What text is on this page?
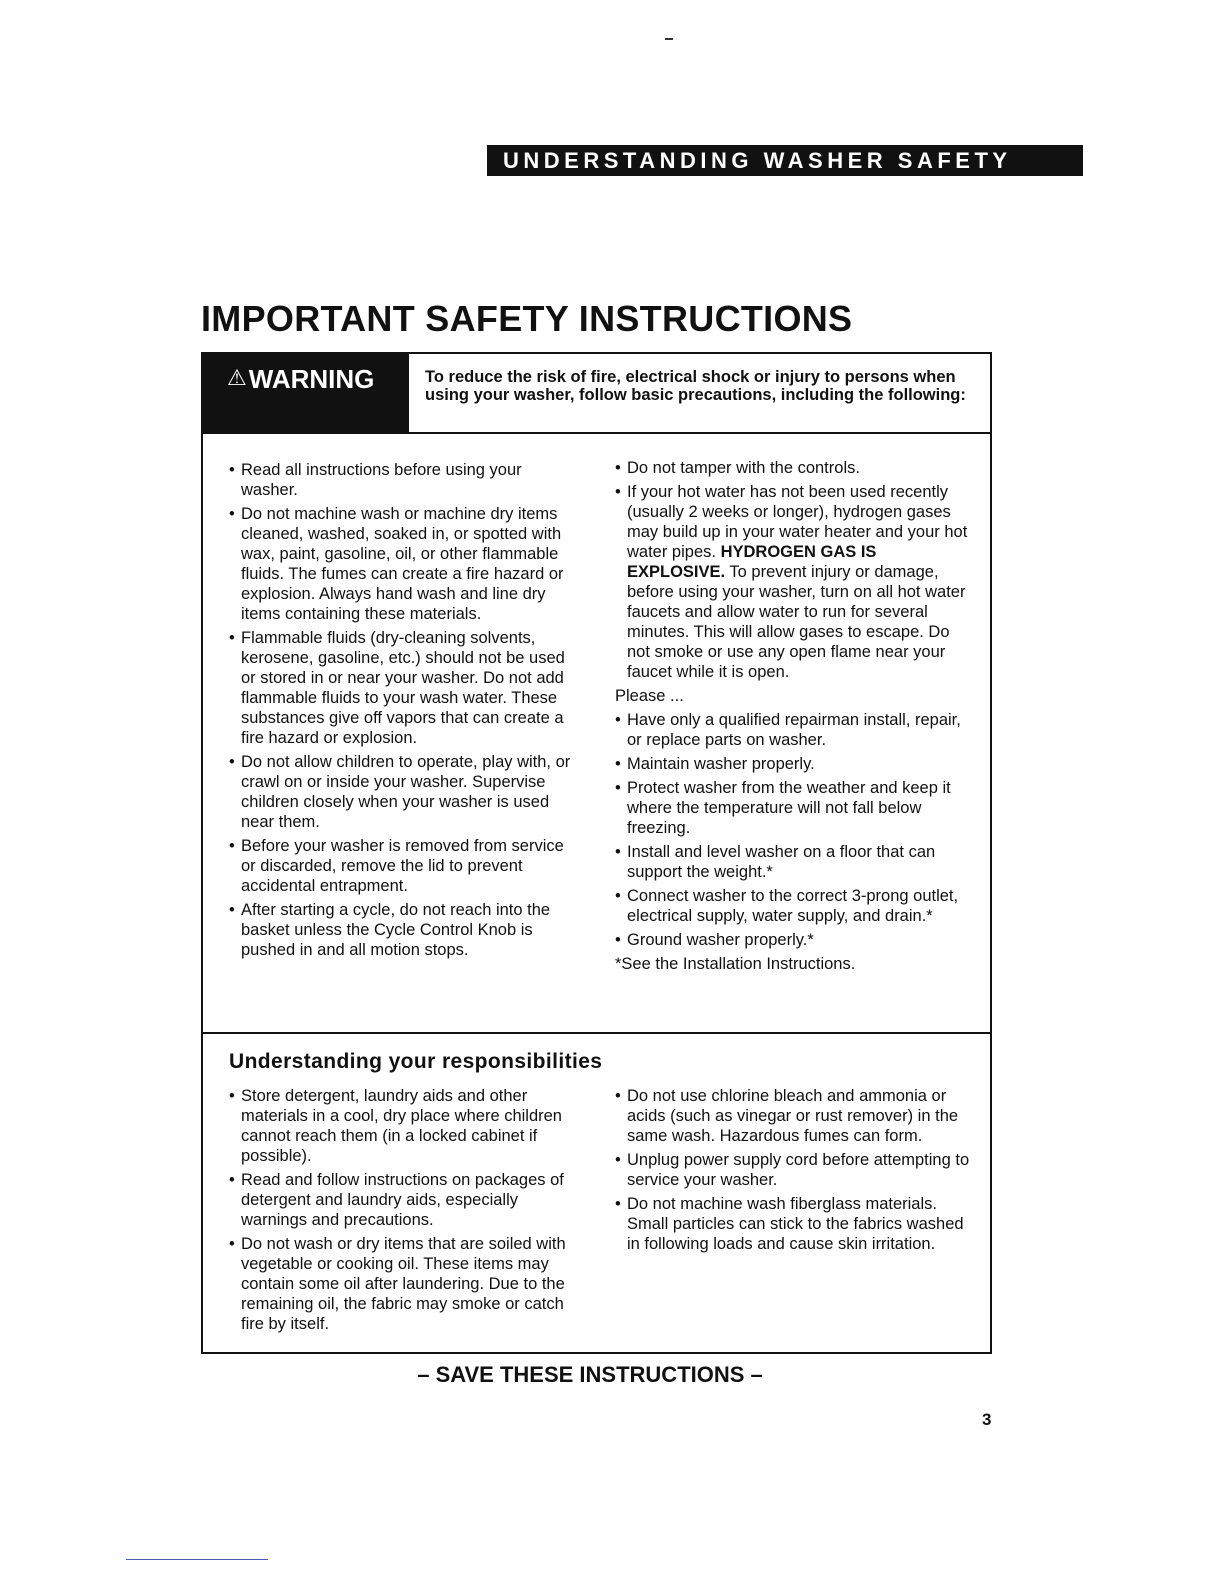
UNDERSTANDING WASHER SAFETY
IMPORTANT SAFETY INSTRUCTIONS
⚠ WARNING	To reduce the risk of fire, electrical shock or injury to persons when using your washer, follow basic precautions, including the following:
• Read all instructions before using your washer.
• Do not machine wash or machine dry items cleaned, washed, soaked in, or spotted with wax, paint, gasoline, oil, or other flammable fluids. The fumes can create a fire hazard or explosion. Always hand wash and line dry items containing these materials.
• Flammable fluids (dry-cleaning solvents, kerosene, gasoline, etc.) should not be used or stored in or near your washer. Do not add flammable fluids to your wash water. These substances give off vapors that can create a fire hazard or explosion.
• Do not allow children to operate, play with, or crawl on or inside your washer. Supervise children closely when your washer is used near them.
• Before your washer is removed from service or discarded, remove the lid to prevent accidental entrapment.
• After starting a cycle, do not reach into the basket unless the Cycle Control Knob is pushed in and all motion stops.
• Do not tamper with the controls.
• If your hot water has not been used recently (usually 2 weeks or longer), hydrogen gases may build up in your water heater and your hot water pipes. HYDROGEN GAS IS EXPLOSIVE. To prevent injury or damage, before using your washer, turn on all hot water faucets and allow water to run for several minutes. This will allow gases to escape. Do not smoke or use any open flame near your faucet while it is open.

Please ...

• Have only a qualified repairman install, repair, or replace parts on washer.
• Maintain washer properly.
• Protect washer from the weather and keep it where the temperature will not fall below freezing.
• Install and level washer on a floor that can support the weight.*
• Connect washer to the correct 3-prong outlet, electrical supply, water supply, and drain.*
• Ground washer properly.*

*See the Installation Instructions.

Understanding your responsibilities
• Store detergent, laundry aids and other materials in a cool, dry place where children cannot reach them (in a locked cabinet if possible).
• Read and follow instructions on packages of detergent and laundry aids, especially warnings and precautions.
• Do not wash or dry items that are soiled with vegetable or cooking oil. These items may contain some oil after laundering. Due to the remaining oil, the fabric may smoke or catch fire by itself.
• Do not use chlorine bleach and ammonia or acids (such as vinegar or rust remover) in the same wash. Hazardous fumes can form.
• Unplug power supply cord before attempting to service your washer.
• Do not machine wash fiberglass materials. Small particles can stick to the fabrics washed in following loads and cause skin irritation.
– SAVE THESE INSTRUCTIONS –
3
